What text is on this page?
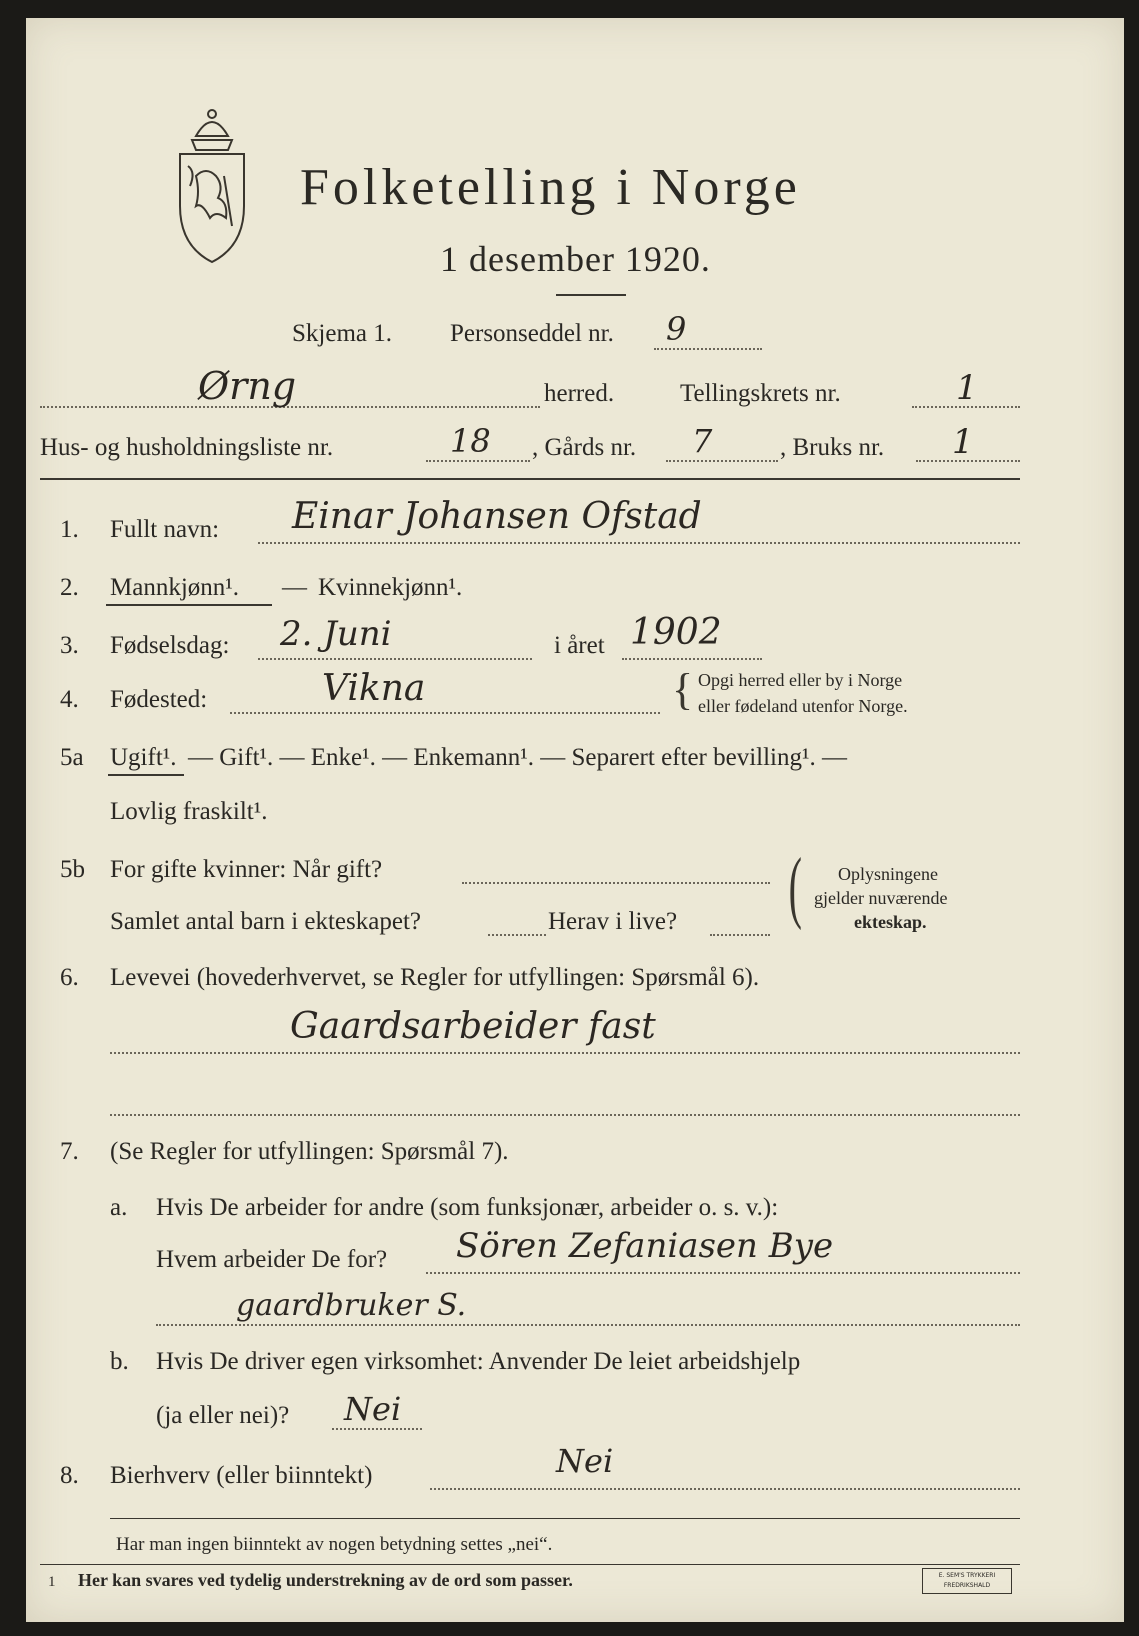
Folketelling i Norge
1 desember 1920.
Skjema 1. Personseddel nr. 9
Ørng	herred.	Tellingskrets nr.	1
Hus- og husholdningsliste nr.	18 , Gårds nr. 7	, Bruks nr. 1
1. Fullt navn: Einar Johansen Ofstad
2. Mannkjønn¹. — Kvinnekjønn¹.
3. Fødselsdag: 2. Juni	i året 1902
4. Fødested:	Vikna	{ Opgi herred eller by i Norge
eller fødeland utenfor Norge.
5a Ugift¹. — Gift¹. — Enke¹. — Enkemann¹. — Separert efter bevilling¹. —
Lovlig fraskilt¹.
5b For gifte kvinner: Når gift?
Samlet antal barn i ekteskapet?	Herav i live? ( Oplysningene
gjelder nuværende
ekteskap.
6. Levevei (hovederhvervet, se Regler for utfyllingen: Spørsmål 6).
Gaardsarbeider fast
7. (Se Regler for utfyllingen: Spørsmål 7).
a. Hvis De arbeider for andre (som funksjonær, arbeider o. s. v.):
Hvem arbeider De for? Sören Zefaniasen Bye
gaardbruker S.
b. Hvis De driver egen virksomhet: Anvender De leiet arbeidshjelp
(ja eller nei)? Nei
8. Bierhverv (eller biinntekt)	Nei
Har man ingen biinntekt av nogen betydning settes „nei“.
1 Her kan svares ved tydelig understrekning av de ord som passer.	E. SEM'S TRYKKERI
FREDRIKSHALD
